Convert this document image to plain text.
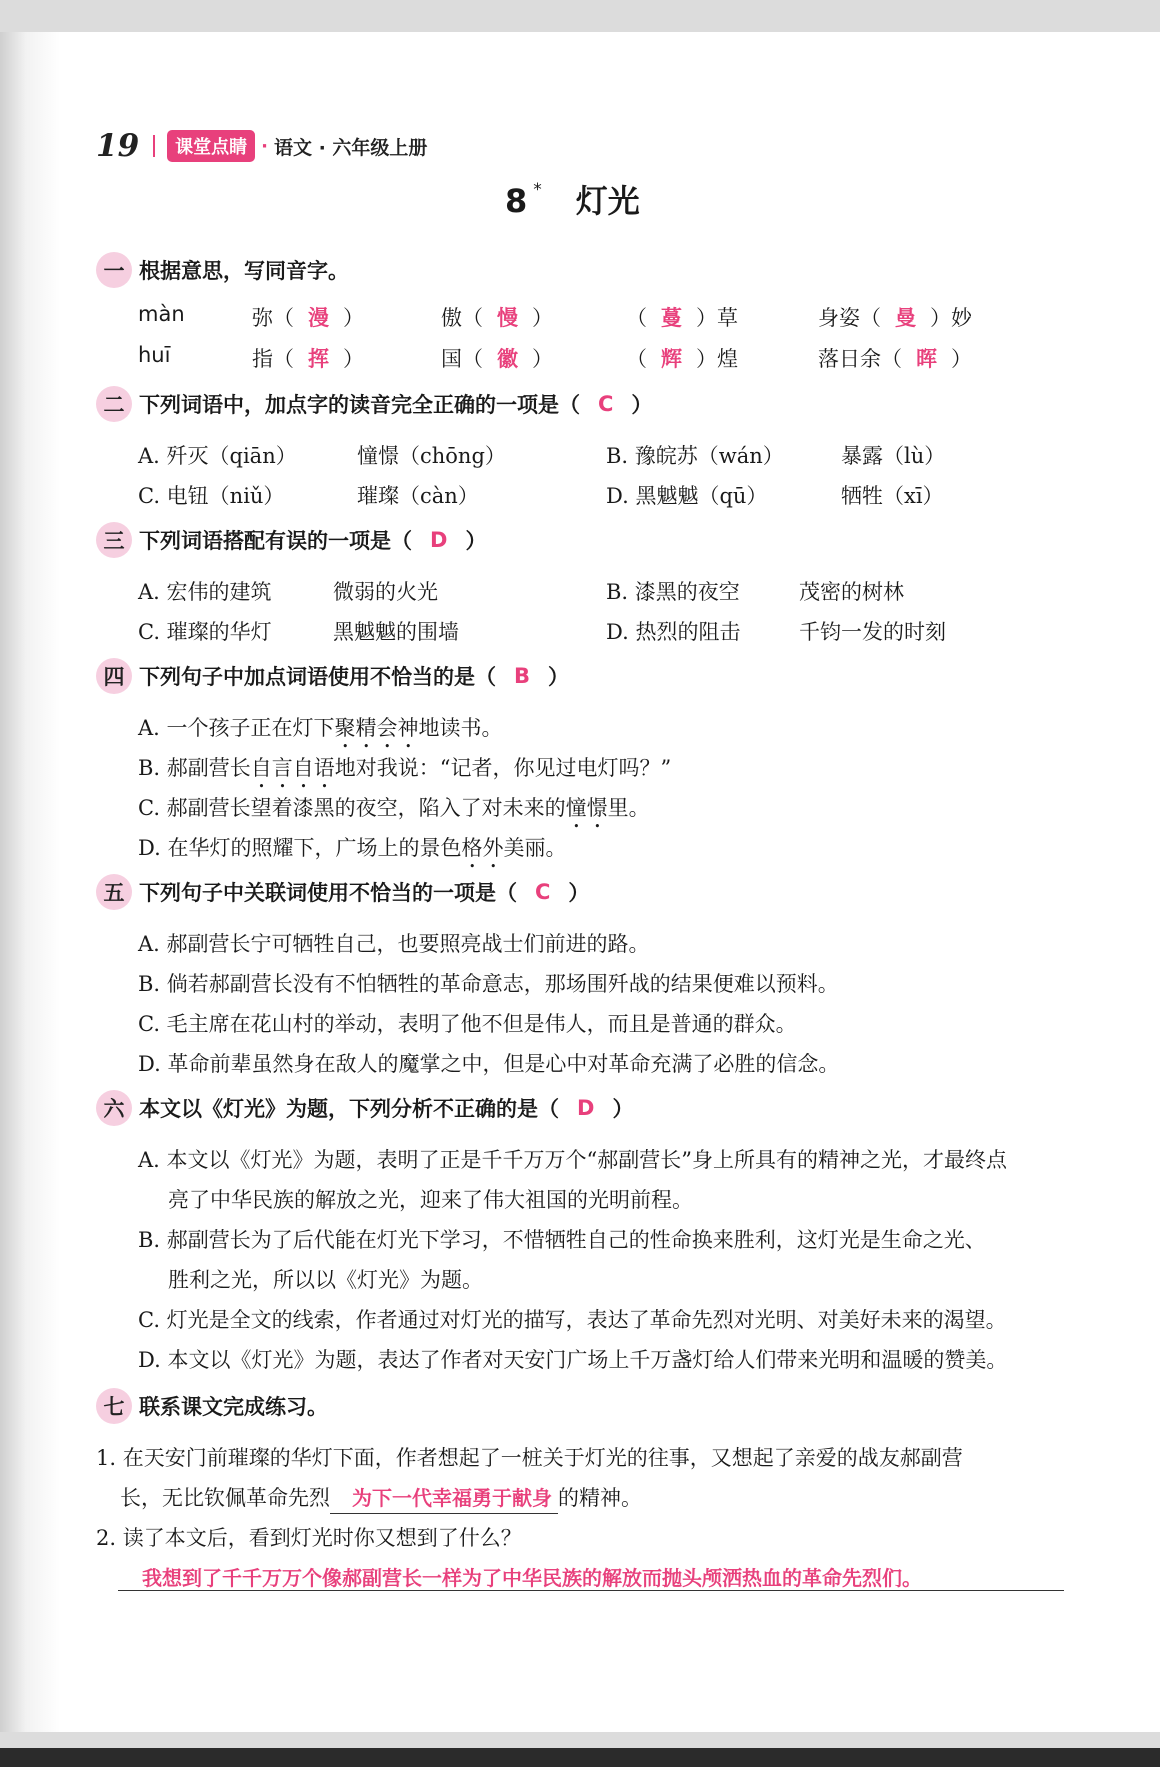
19	课堂点睛 · 语文 · 六年级上册
8 * 灯光
一 根据意思，写同音字。
màn	弥（ 漫 ）	傲（ 慢 ）	（ 蔓 ）草	身姿（ 曼 ）妙
huī	指（ 挥 ）	国（ 徽 ）	（ 辉 ）煌	落日余（ 晖 ）
二 下列词语中，加点字的读音完全正确的一项是（ C ）
A. 歼灭（qiān）	憧憬（chōng）	B. 豫皖苏（wán）	暴露（lù）
C. 电钮（niǔ）	璀璨（càn）	D. 黑魆魆（qū）	牺牲（xī）
三 下列词语搭配有误的一项是（ D ）
A. 宏伟的建筑	微弱的火光	B. 漆黑的夜空	茂密的树林
C. 璀璨的华灯	黑魆魆的围墙	D. 热烈的阻击	千钧一发的时刻
四 下列句子中加点词语使用不恰当的是（ B ）
A. 一个孩子正在灯下聚精会神地读书。
B. 郝副营长自言自语地对我说：“记者，你见过电灯吗？”
C. 郝副营长望着漆黑的夜空，陷入了对未来的憧憬里。
D. 在华灯的照耀下，广场上的景色格外美丽。
五 下列句子中关联词使用不恰当的一项是（ C ）
A. 郝副营长宁可牺牲自己，也要照亮战士们前进的路。
B. 倘若郝副营长没有不怕牺牲的革命意志，那场围歼战的结果便难以预料。
C. 毛主席在花山村的举动，表明了他不但是伟人，而且是普通的群众。
D. 革命前辈虽然身在敌人的魔掌之中，但是心中对革命充满了必胜的信念。
六 本文以《灯光》为题，下列分析不正确的是（ D ）
A. 本文以《灯光》为题，表明了正是千千万万个“郝副营长”身上所具有的精神之光，才最终点
亮了中华民族的解放之光，迎来了伟大祖国的光明前程。
B. 郝副营长为了后代能在灯光下学习，不惜牺牲自己的性命换来胜利，这灯光是生命之光、
胜利之光，所以以《灯光》为题。
C. 灯光是全文的线索，作者通过对灯光的描写，表达了革命先烈对光明、对美好未来的渴望。
D. 本文以《灯光》为题，表达了作者对天安门广场上千万盏灯给人们带来光明和温暖的赞美。
七 联系课文完成练习。
1. 在天安门前璀璨的华灯下面，作者想起了一桩关于灯光的往事，又想起了亲爱的战友郝副营
长，无比钦佩革命先烈 为下一代幸福勇于献身 的精神。
2. 读了本文后，看到灯光时你又想到了什么？
我想到了千千万万个像郝副营长一样为了中华民族的解放而抛头颅洒热血的革命先烈们。
